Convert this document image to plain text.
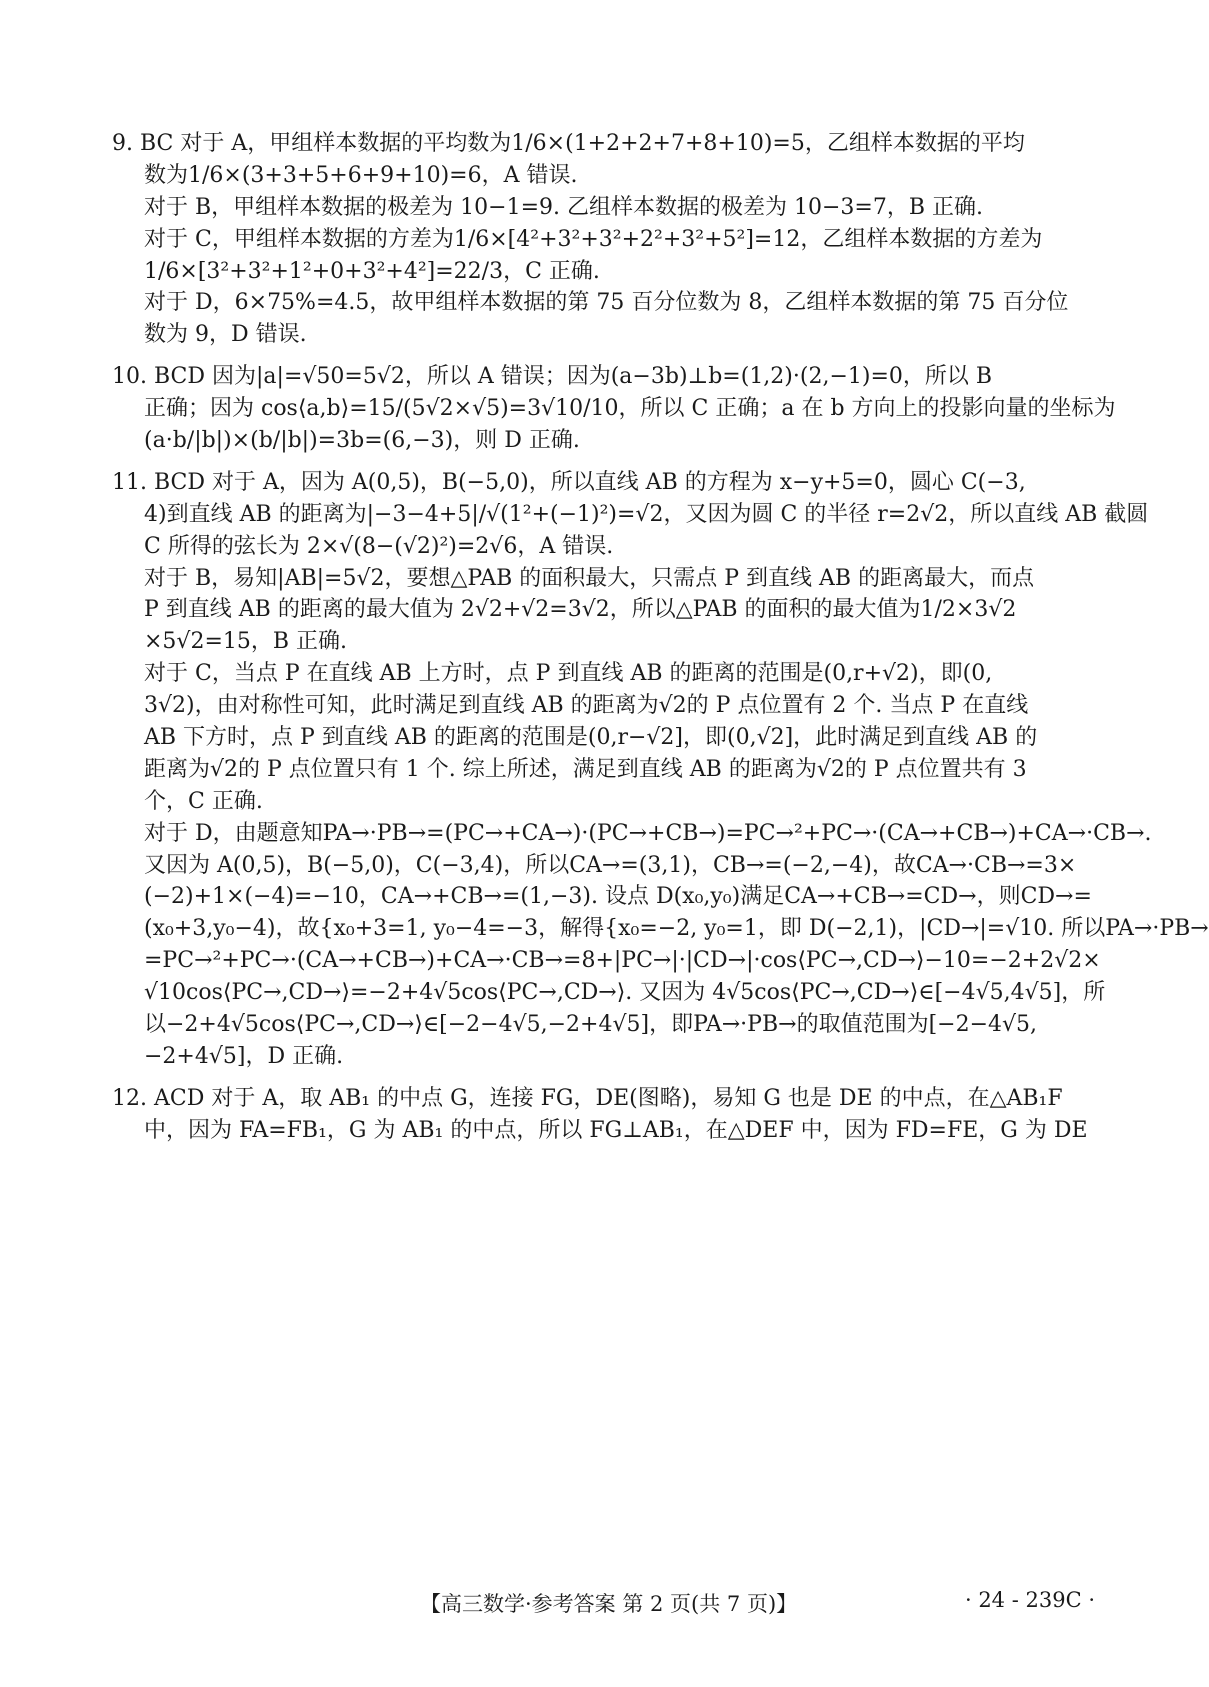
9. BC 对于 A，甲组样本数据的平均数为1/6×(1+2+2+7+8+10)=5，乙组样本数据的平均
数为1/6×(3+3+5+6+9+10)=6，A 错误.
对于 B，甲组样本数据的极差为 10−1=9. 乙组样本数据的极差为 10−3=7，B 正确.
对于 C，甲组样本数据的方差为1/6×[4²+3²+3²+2²+3²+5²]=12，乙组样本数据的方差为
1/6×[3²+3²+1²+0+3²+4²]=22/3，C 正确.
对于 D，6×75%=4.5，故甲组样本数据的第 75 百分位数为 8，乙组样本数据的第 75 百分位
数为 9，D 错误.
10. BCD 因为|a|=√50=5√2，所以 A 错误；因为(a−3b)⊥b=(1,2)·(2,−1)=0，所以 B
正确；因为 cos⟨a,b⟩=15/(5√2×√5)=3√10/10，所以 C 正确；a 在 b 方向上的投影向量的坐标为
(a·b/|b|)×(b/|b|)=3b=(6,−3)，则 D 正确.
11. BCD 对于 A，因为 A(0,5)，B(−5,0)，所以直线 AB 的方程为 x−y+5=0，圆心 C(−3,
4)到直线 AB 的距离为|−3−4+5|/√(1²+(−1)²)=√2，又因为圆 C 的半径 r=2√2，所以直线 AB 截圆
C 所得的弦长为 2×√(8−(√2)²)=2√6，A 错误.
对于 B，易知|AB|=5√2，要想△PAB 的面积最大，只需点 P 到直线 AB 的距离最大，而点
P 到直线 AB 的距离的最大值为 2√2+√2=3√2，所以△PAB 的面积的最大值为1/2×3√2
×5√2=15，B 正确.
对于 C，当点 P 在直线 AB 上方时，点 P 到直线 AB 的距离的范围是(0,r+√2)，即(0,
3√2)，由对称性可知，此时满足到直线 AB 的距离为√2的 P 点位置有 2 个. 当点 P 在直线
AB 下方时，点 P 到直线 AB 的距离的范围是(0,r−√2]，即(0,√2]，此时满足到直线 AB 的
距离为√2的 P 点位置只有 1 个. 综上所述，满足到直线 AB 的距离为√2的 P 点位置共有 3
个，C 正确.
对于 D，由题意知PA→·PB→=(PC→+CA→)·(PC→+CB→)=PC→²+PC→·(CA→+CB→)+CA→·CB→.
又因为 A(0,5)，B(−5,0)，C(−3,4)，所以CA→=(3,1)，CB→=(−2,−4)，故CA→·CB→=3×
(−2)+1×(−4)=−10，CA→+CB→=(1,−3). 设点 D(x₀,y₀)满足CA→+CB→=CD→，则CD→=
(x₀+3,y₀−4)，故{x₀+3=1, y₀−4=−3，解得{x₀=−2, y₀=1，即 D(−2,1)，|CD→|=√10. 所以PA→·PB→
=PC→²+PC→·(CA→+CB→)+CA→·CB→=8+|PC→|·|CD→|·cos⟨PC→,CD→⟩−10=−2+2√2×
√10cos⟨PC→,CD→⟩=−2+4√5cos⟨PC→,CD→⟩. 又因为 4√5cos⟨PC→,CD→⟩∈[−4√5,4√5]，所
以−2+4√5cos⟨PC→,CD→⟩∈[−2−4√5,−2+4√5]，即PA→·PB→的取值范围为[−2−4√5,
−2+4√5]，D 正确.
12. ACD 对于 A，取 AB₁ 的中点 G，连接 FG，DE(图略)，易知 G 也是 DE 的中点，在△AB₁F
中，因为 FA=FB₁，G 为 AB₁ 的中点，所以 FG⊥AB₁，在△DEF 中，因为 FD=FE，G 为 DE
【高三数学·参考答案 第 2 页(共 7 页)】	· 24 - 239C ·
